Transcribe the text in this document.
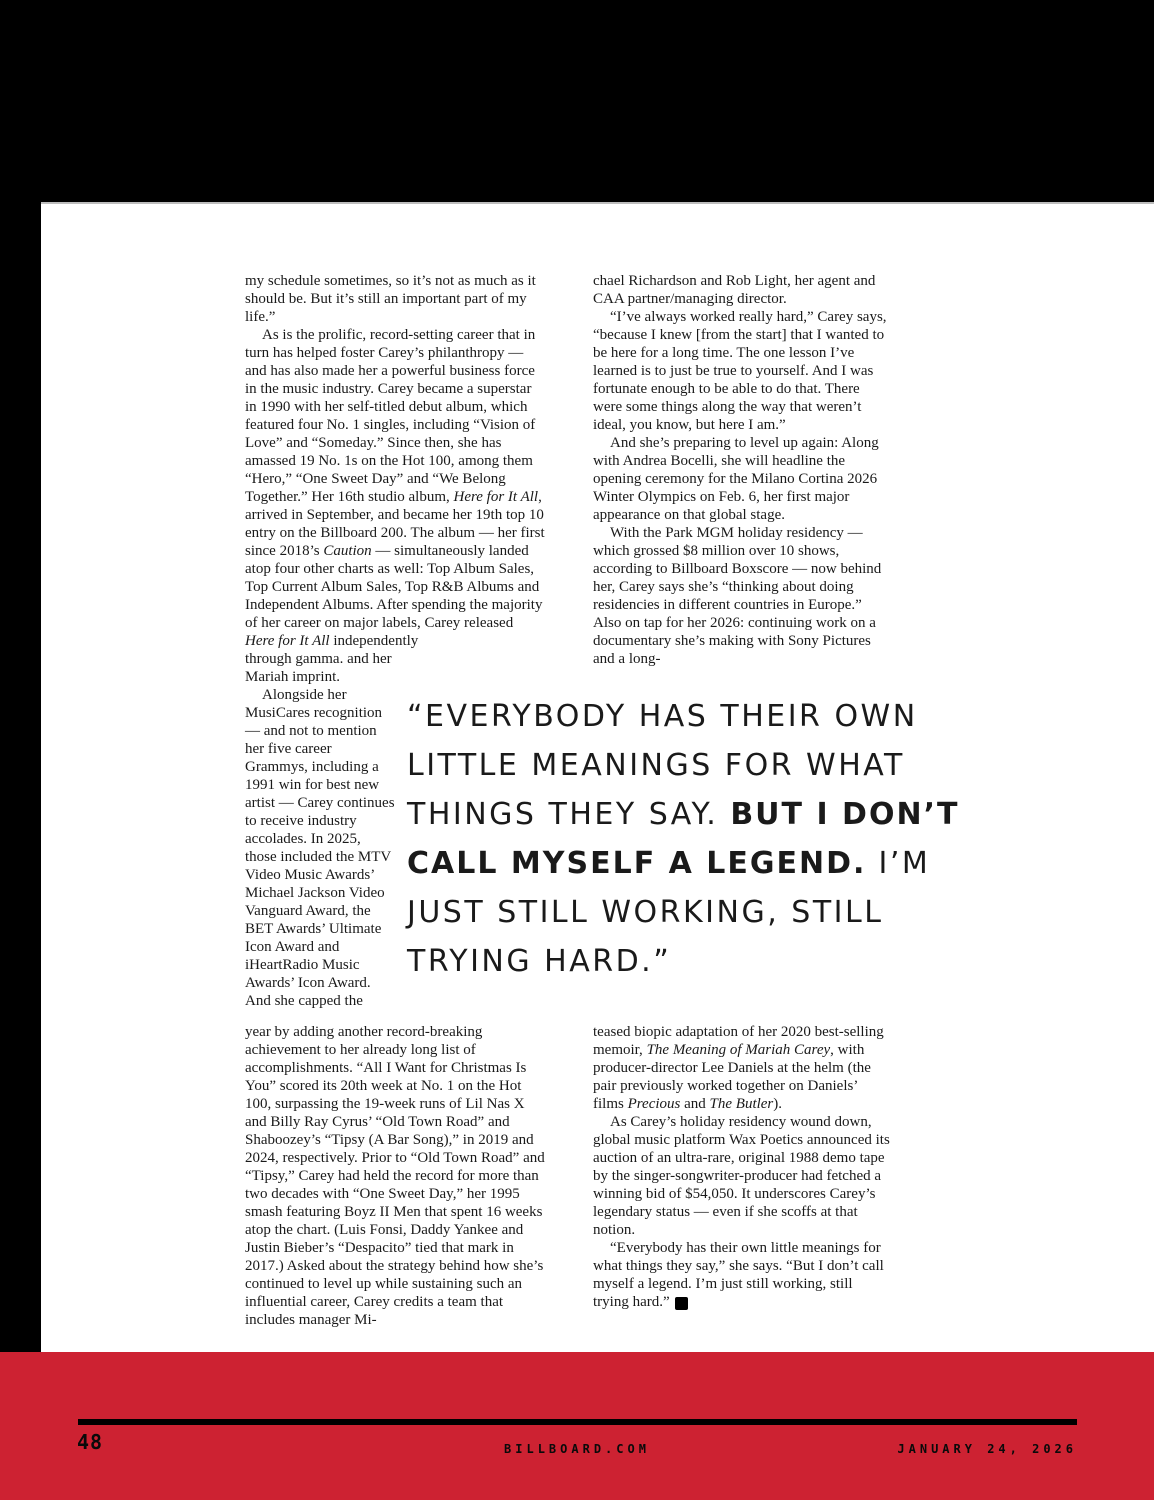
my schedule sometimes, so it’s not as much as it should be. But it’s still an important part of my life.”

As is the prolific, record-setting career that in turn has helped foster Carey’s philanthropy — and has also made her a powerful business force in the music industry. Carey became a superstar in 1990 with her self-titled debut album, which featured four No. 1 singles, including “Vision of Love” and “Someday.” Since then, she has amassed 19 No. 1s on the Hot 100, among them “Hero,” “One Sweet Day” and “We Belong Together.” Her 16th studio album, Here for It All, arrived in September, and became her 19th top 10 entry on the Billboard 200. The album — her first since 2018’s Caution — simultaneously landed atop four other charts as well: Top Album Sales, Top Current Album Sales, Top R&B Albums and Independent Albums. After spending the majority of her career on major labels, Carey released Here for It All independently

through gamma. and her Mariah imprint.

Alongside her MusiCares recognition — and not to mention her five career Grammys, including a 1991 win for best new artist — Carey continues to receive industry accolades. In 2025, those included the MTV Video Music Awards’ Michael Jackson Video Vanguard Award, the BET Awards’ Ultimate Icon Award and iHeartRadio Music Awards’ Icon Award. And she capped the

year by adding another record-breaking achievement to her already long list of accomplishments. “All I Want for Christmas Is You” scored its 20th week at No. 1 on the Hot 100, surpassing the 19-week runs of Lil Nas X and Billy Ray Cyrus’ “Old Town Road” and Shaboozey’s “Tipsy (A Bar Song),” in 2019 and 2024, respectively. Prior to “Old Town Road” and “Tipsy,” Carey had held the record for more than two decades with “One Sweet Day,” her 1995 smash featuring Boyz II Men that spent 16 weeks atop the chart. (Luis Fonsi, Daddy Yankee and Justin Bieber’s “Despacito” tied that mark in 2017.) Asked about the strategy behind how she’s continued to level up while sustaining such an influential career, Carey credits a team that includes manager Mi-

chael Richardson and Rob Light, her agent and CAA partner/managing director.

“I’ve always worked really hard,” Carey says, “because I knew [from the start] that I wanted to be here for a long time. The one lesson I’ve learned is to just be true to yourself. And I was fortunate enough to be able to do that. There were some things along the way that weren’t ideal, you know, but here I am.”

And she’s preparing to level up again: Along with Andrea Bocelli, she will headline the opening ceremony for the Milano Cortina 2026 Winter Olympics on Feb. 6, her first major appearance on that global stage.

With the Park MGM holiday residency — which grossed $8 million over 10 shows, according to Billboard Boxscore — now behind her, Carey says she’s “thinking about doing residencies in different countries in Europe.” Also on tap for her 2026: continuing work on a documentary she’s making with Sony Pictures and a long-

teased biopic adaptation of her 2020 best-selling memoir, The Meaning of Mariah Carey, with producer-director Lee Daniels at the helm (the pair previously worked together on Daniels’ films Precious and The Butler).

As Carey’s holiday residency wound down, global music platform Wax Poetics announced its auction of an ultra-rare, original 1988 demo tape by the singer-songwriter-producer had fetched a winning bid of $54,050. It underscores Carey’s legendary status — even if she scoffs at that notion.

“Everybody has their own little meanings for what things they say,” she says. “But I don’t call myself a legend. I’m just still working, still trying hard.” b

“EVERYBODY HAS THEIR OWN
LITTLE MEANINGS FOR WHAT
THINGS THEY SAY. BUT I DON’T
CALL MYSELF A LEGEND. I’M
JUST STILL WORKING, STILL
TRYING HARD.”
48	BILLBOARD.COM	JANUARY 24, 2026
